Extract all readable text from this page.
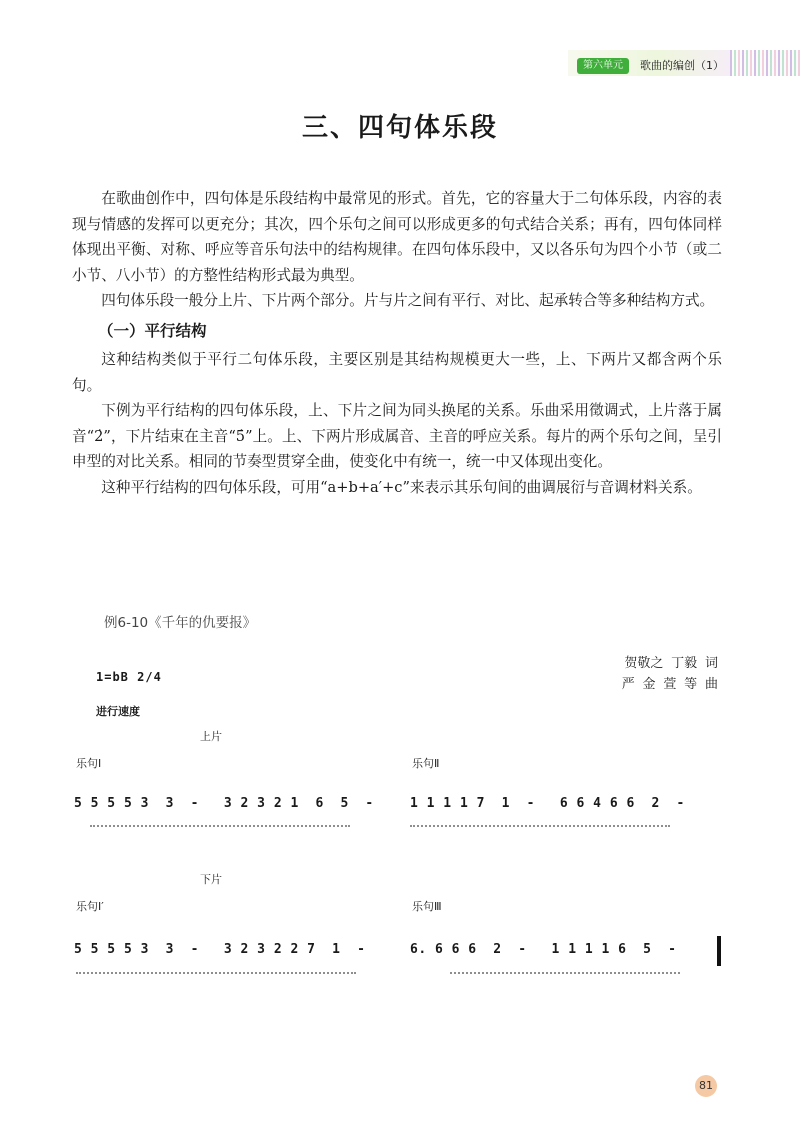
第六单元	歌曲的编创（1）
三、四句体乐段

在歌曲创作中，四句体是乐段结构中最常见的形式。首先，它的容量大于二句体乐段，内容的表现与情感的发挥可以更充分；其次，四个乐句之间可以形成更多的句式结合关系；再有，四句体同样体现出平衡、对称、呼应等音乐句法中的结构规律。在四句体乐段中，又以各乐句为四个小节（或二小节、八小节）的方整性结构形式最为典型。

四句体乐段一般分上片、下片两个部分。片与片之间有平行、对比、起承转合等多种结构方式。

（一）平行结构

这种结构类似于平行二句体乐段，主要区别是其结构规模更大一些，上、下两片又都含两个乐句。

下例为平行结构的四句体乐段，上、下片之间为同头换尾的关系。乐曲采用徵调式，上片落于属音“2̇”，下片结束在主音“5̇”上。上、下两片形成属音、主音的呼应关系。每片的两个乐句之间，呈引申型的对比关系。相同的节奏型贯穿全曲，使变化中有统一，统一中又体现出变化。

这种平行结构的四句体乐段，可用“a+b+a′+c”来表示其乐句间的曲调展衍与音调材料关系。

例6-10《千年的仇要报》
贺敬之 丁毅 词
严 金 萱 等 曲
1=bB 2/4
进行速度
上片
乐句Ⅰ	乐句Ⅱ
5 5 5 5 3  3  -   3 2 3 2 1  6  5  -	1 1 1 1 7  1  -   6 6 4 6 6  2  -
下片
乐句Ⅰ′	乐句Ⅲ
5 5 5 5 3  3  -   3 2 3 2 2 7  1  -	6. 6 6 6  2  -   1 1 1 1 6  5  -
81
